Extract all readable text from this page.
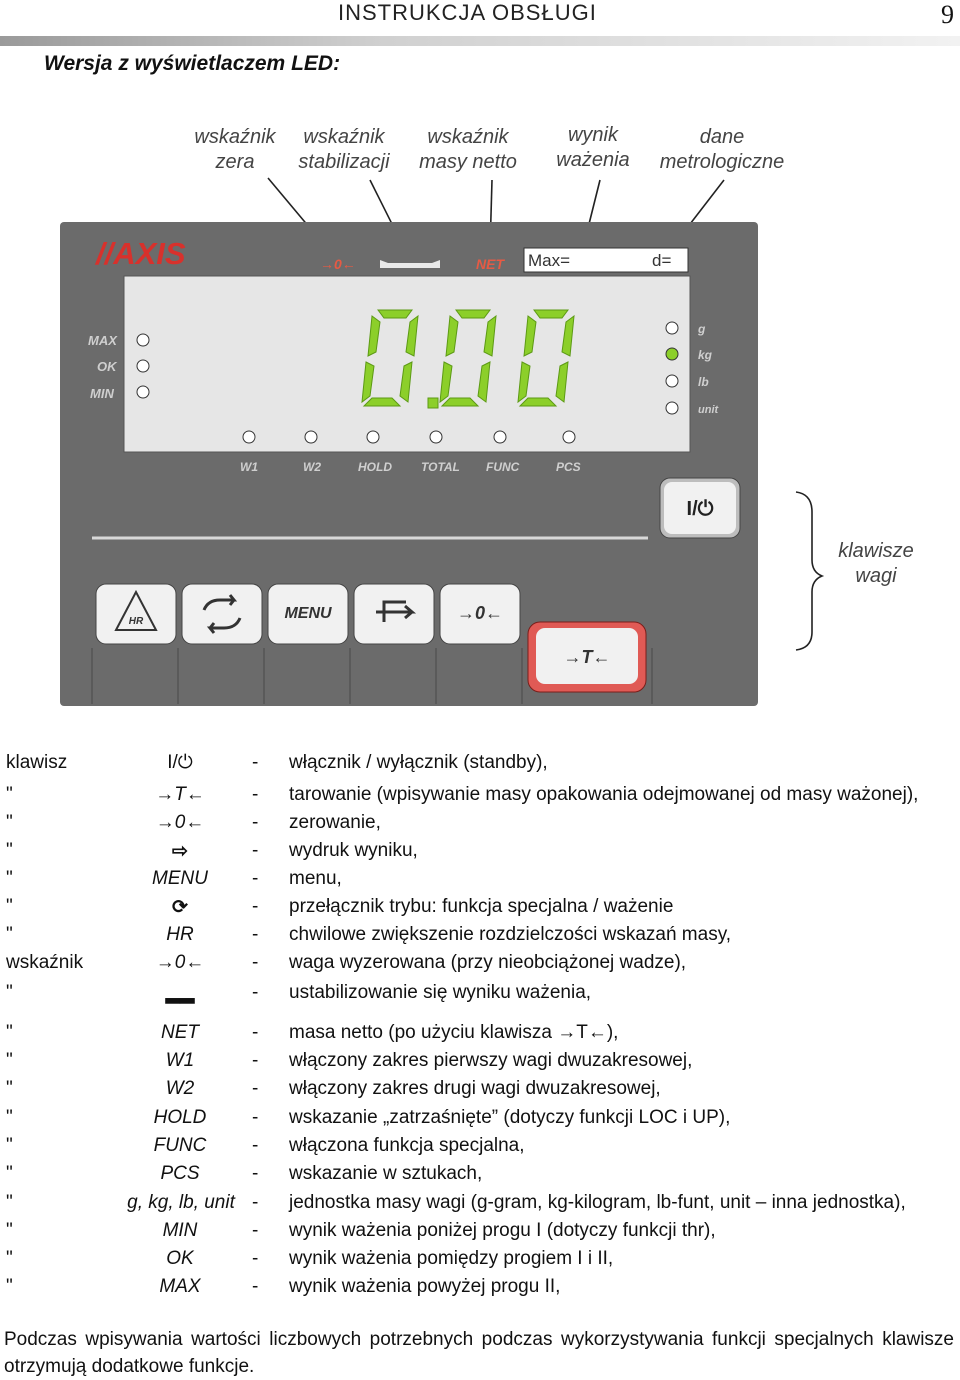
INSTRUKCJA OBSŁUGI	9
Wersja z wyświetlaczem LED:
wskaźnik
zera
wskaźnik
stabilizacji
wskaźnik
masy netto
wynik
ważenia
dane
metrologiczne
klawisze
wagi
//AXIS	→0←	NET Max=	d=
MAX
OK
MIN
0.00
g
kg
lb
unit
W1	W2	HOLD TOTAL FUNC	PCS
I/⏻
HR	MENU	→0←
→T←
klawisz	I/⏻	- włącznik / wyłącznik (standby),
"	→T←	- tarowanie (wpisywanie masy opakowania odejmowanej od masy ważonej),
"	→0←	- zerowanie,
"	⇨	- wydruk wyniku,
"	MENU	- menu,
"	⟳	- przełącznik trybu: funkcja specjalna / ważenie
"	HR	- chwilowe zwiększenie rozdzielczości wskazań masy,
wskaźnik	→0←	- waga wyzerowana (przy nieobciążonej wadze),
"	▂▂	- ustabilizowanie się wyniku ważenia,
"	NET	- masa netto (po użyciu klawisza →T←),
"	W1	- włączony zakres pierwszy wagi dwuzakresowej,
"	W2	- włączony zakres drugi wagi dwuzakresowej,
"	HOLD	- wskazanie „zatrzaśnięte” (dotyczy funkcji LOC i UP),
"	FUNC	- włączona funkcja specjalna,
"	PCS	- wskazanie w sztukach,
"	g, kg, lb, unit - jednostka masy wagi (g-gram, kg-kilogram, lb-funt, unit – inna jednostka),
"	MIN	- wynik ważenia poniżej progu I (dotyczy funkcji thr),
"	OK	- wynik ważenia pomiędzy progiem I i II,
"	MAX	- wynik ważenia powyżej progu II,
Podczas wpisywania wartości liczbowych potrzebnych podczas wykorzystywania funkcji specjalnych klawisze otrzymują dodatkowe funkcje.
